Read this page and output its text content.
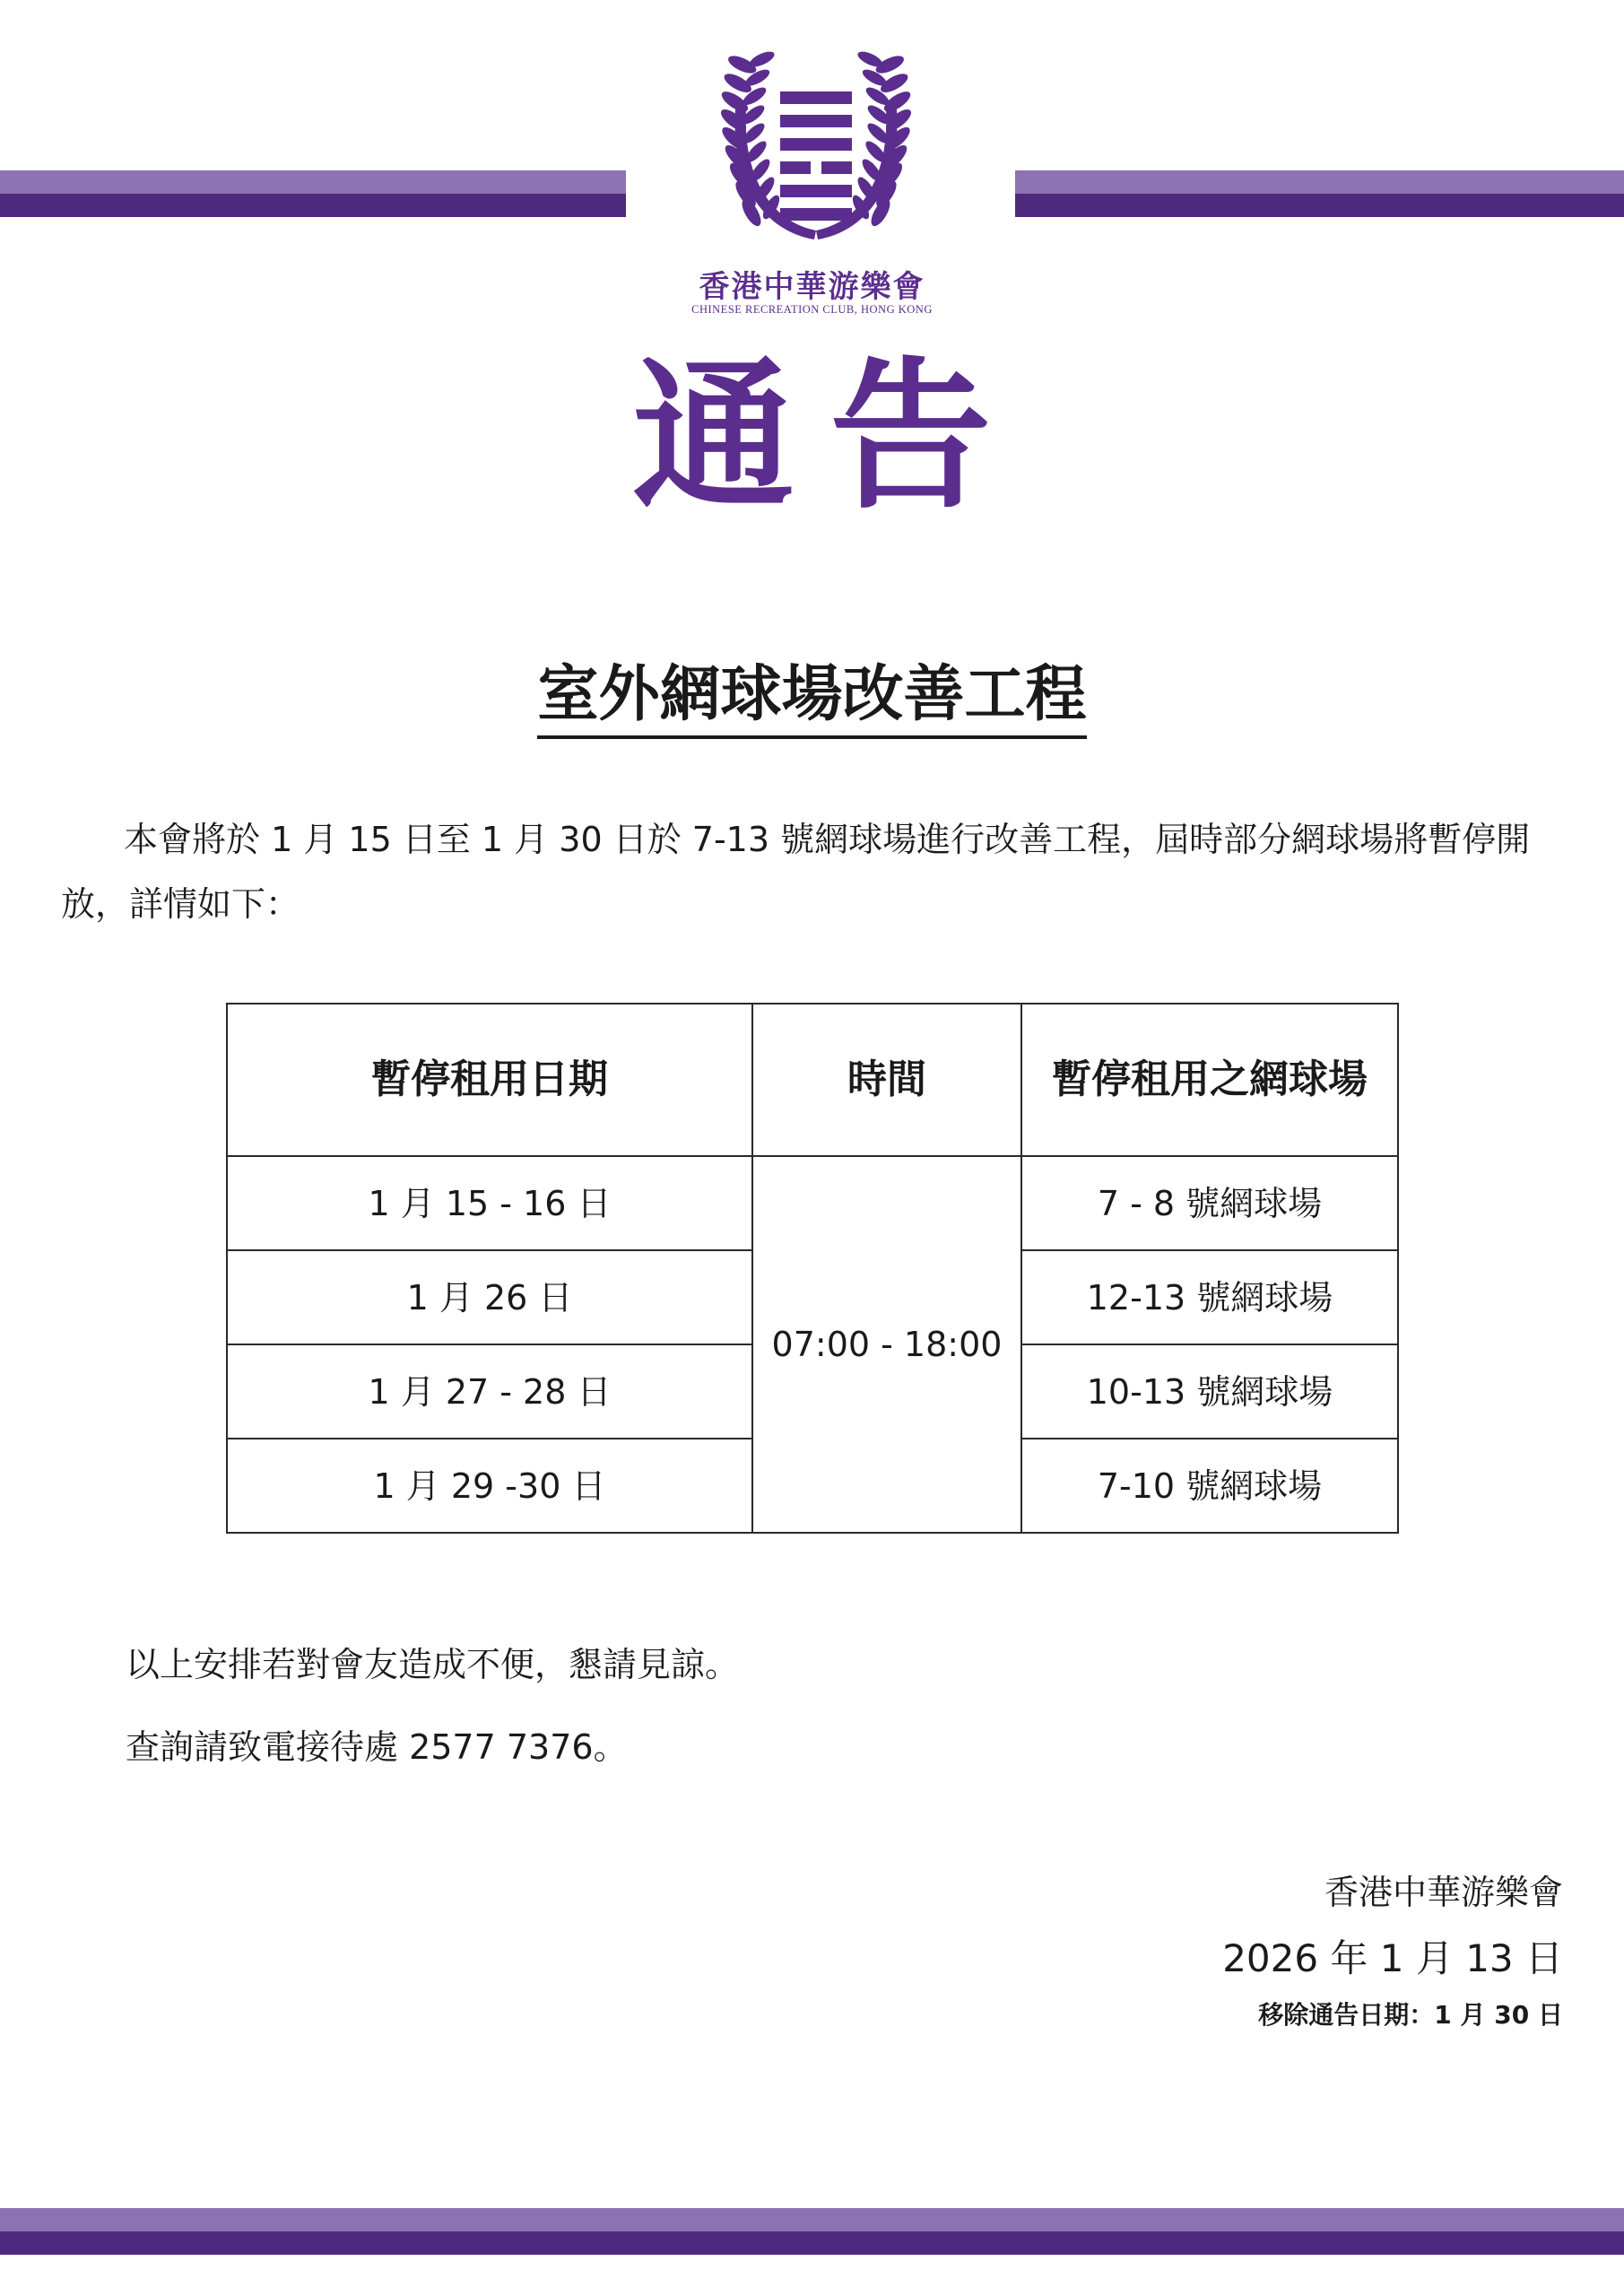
香港中華游樂會
CHINESE RECREATION CLUB, HONG KONG
通告
室外網球場改善工程
本會將於 1 月 15 日至 1 月 30 日於 7-13 號網球場進行改善工程，屆時部分網球場將暫停開放，詳情如下：
暫停租用日期	時間	暫停租用之網球場
1 月 15 - 16 日	07:00 - 18:00	7 - 8 號網球場
1 月 26 日		12-13 號網球場
1 月 27 - 28 日		10-13 號網球場
1 月 29 -30 日		7-10 號網球場
以上安排若對會友造成不便，懇請見諒。
查詢請致電接待處 2577 7376。
香港中華游樂會
2026 年 1 月 13 日
移除通告日期：1 月 30 日
